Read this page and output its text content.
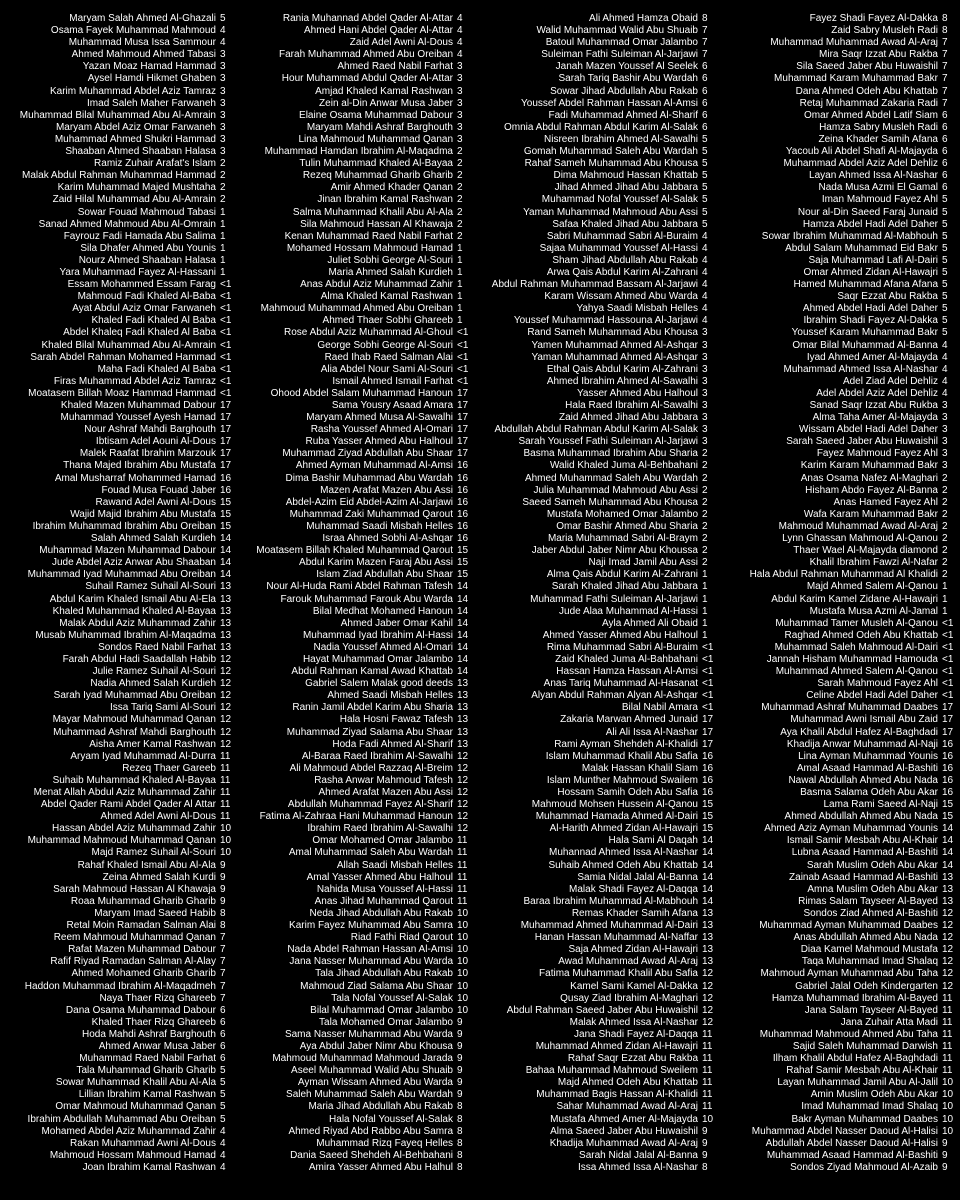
Maryam Salah Ahmed Al-Ghazali 5
Osama Fayek Muhammad Mahmoud 4
Muhammad Musa Issa Sammour 4
Ahmed Mahmoud Ahmed Tabasi 3
Yazan Moaz Hamad Hammad 3
Aysel Hamdi Hikmet Ghaben 3
Karim Muhammad Abdel Aziz Tamraz 3
Imad Saleh Maher Farwaneh 3
Muhammad Bilal Muhammad Abu Al-Amrain 3
Maryam Abdel Aziz Omar Farwaneh 3
Muhammad Ahmed Shukri Hammad 3
Shaaban Ahmed Shaaban Halasa 3
Ramiz Zuhair Arafat's Islam 2
Malak Abdul Rahman Muhammad Hammad 2
Karim Muhammad Majed Mushtaha 2
Zaid Hilal Muhammad Abu Al-Amrain 2
Sowar Fouad Mahmoud Tabasi 1
Sanad Ahmed Mahmoud Abu Al-Omrain 1
Fayrouz Fadi Hamada Abu Salima 1
Sila Dhafer Ahmed Abu Younis 1
Nourz Ahmed Shaaban Halasa 1
Yara Muhammad Fayez Al-Hassani 1
Essam Mohammed Essam Farag <1
Mahmoud Fadi Khaled Al-Baba <1
Ayat Abdul Aziz Omar Farwaneh <1
Khaled Fadi Khaled Al Baba <1
Abdel Khaleq Fadi Khaled Al Baba <1
Khaled Bilal Muhammad Abu Al-Amrain <1
Sarah Abdel Rahman Mohamed Hammad <1
Maha Fadi Khaled Al Baba <1
Firas Muhammad Abdel Aziz Tamraz <1
Moatasem Billah Moaz Hammad Hammad <1
Khaled Mazen Muhammad Dabour 17
Muhammad Youssef Ayesh Hamad 17
Nour Ashraf Mahdi Barghouth 17
Ibtisam Adel Aouni Al-Dous 17
Malek Raafat Ibrahim Marzouk 17
Thana Majed Ibrahim Abu Mustafa 17
Amal Musharraf Mohammed Hamad 16
Fouad Musa Fouad Jaber 16
Rawand Adel Awni Al-Dous 15
Wajid Majid Ibrahim Abu Mustafa 15
Ibrahim Muhammad Ibrahim Abu Oreiban 15
Salah Ahmed Salah Kurdieh 14
Muhammad Mazen Muhammad Dabour 14
Jude Abdel Aziz Anwar Abu Shaaban 14
Muhammad Iyad Muhammad Abu Oreiban 14
Suhail Ramez Suhail Al-Souri 13
Abdul Karim Khaled Ismail Abu Al-Ela 13
Khaled Muhammad Khaled Al-Bayaa 13
Malak Abdul Aziz Muhammad Zahir 13
Musab Muhammad Ibrahim Al-Maqadma 13
Sondos Raed Nabil Farhat 13
Farah Abdul Hadi Saadallah Habib 12
Julie Ramez Suhail Al-Souri 12
Nadia Ahmed Salah Kurdieh 12
Sarah Iyad Muhammad Abu Oreiban 12
Issa Tariq Sami Al-Souri 12
Mayar Mahmoud Muhammad Qanan 12
Muhammad Ashraf Mahdi Barghouth 12
Aisha Amer Kamal Rashwan 12
Aryam Iyad Muhammad Al-Durra 11
Rezeq Thaer Gareeb 11
Suhaib Muhammad Khaled Al-Bayaa 11
Menat Allah Abdul Aziz Muhammad Zahir 11
Abdel Qader Rami Abdel Qader Al Attar 11
Ahmed Adel Awni Al-Dous 11
Hassan Abdel Aziz Muhammad Zahir 10
Muhammad Mahmoud Muhammad Qanan 10
Majd Ramez Suhail Al-Souri 10
Rahaf Khaled Ismail Abu Al-Ala 9
Zeina Ahmed Salah Kurdi 9
Sarah Mahmoud Hassan Al Khawaja 9
Roaa Muhammad Gharib Gharib 9
Maryam Imad Saeed Habib 8
Retal Moin Ramadan Salman Alai 8
Reem Mahmoud Muhammad Qanan 7
Rafat Mazen Muhammad Dabour 7
Rafif Riyad Ramadan Salman Al-Alay 7
Ahmed Mohamed Gharib Gharib 7
Haddon Muhammad Ibrahim Al-Maqadmeh 7
Naya Thaer Rizq Ghareeb 7
Dana Osama Muhammad Dabour 6
Khaled Thaer Rizq Ghareeb 6
Hoda Mahdi Ashraf Barghouth 6
Ahmed Anwar Musa Jaber 6
Muhammad Raed Nabil Farhat 6
Tala Muhammad Gharib Gharib 5
Sowar Muhammad Khalil Abu Al-Ala 5
Lillian Ibrahim Kamal Rashwan 5
Omar Mahmoud Muhammad Qanan 5
Ibrahim Abdullah Muhammad Abu Oreiban 5
Mohamed Abdel Aziz Muhammad Zahir 4
Rakan Muhammad Awni Al-Dous 4
Mahmoud Hossam Mahmoud Hamad 4
Joan Ibrahim Kamal Rashwan 4
Rania Muhannad Abdel Qader Al-Attar 4
Ahmed Hani Abdel Qader Al-Attar 4
Zaid Adel Awni Al-Dous 4
Farah Muhammad Ahmed Abu Oreiban 4
Ahmed Raed Nabil Farhat 3
Hour Muhammad Abdul Qader Al-Attar 3
Amjad Khaled Kamal Rashwan 3
Zein al-Din Anwar Musa Jaber 3
Elaine Osama Muhammad Dabour 3
Maryam Mahdi Ashraf Barghouth 3
Lina Mahmoud Muhammad Qanan 3
Muhammad Hamdan Ibrahim Al-Maqadma 2
Tulin Muhammad Khaled Al-Bayaa 2
Rezeq Muhammad Gharib Gharib 2
Amir Ahmed Khader Qanan 2
Jinan Ibrahim Kamal Rashwan 2
Salma Muhammad Khalil Abu Al-Ala 2
Sila Mahmoud Hassan Al Khawaja 2
Kenan Muhammad Raed Nabil Farhat 2
Mohamed Hossam Mahmoud Hamad 1
Juliet Sobhi George Al-Souri 1
Maria Ahmed Salah Kurdieh 1
Anas Abdul Aziz Muhammad Zahir 1
Alma Khaled Kamal Rashwan 1
Mahmoud Muhammad Ahmed Abu Oreiban 1
Ahmed Thaer Sobhi Ghareeb 1
Rose Abdul Aziz Muhammad Al-Ghoul <1
George Sobhi George Al-Souri <1
Raed Ihab Raed Salman Alai <1
Alia Abdel Nour Sami Al-Souri <1
Ismail Ahmed Ismail Farhat <1
Ohood Abdel Salam Muhammad Hanoun 17
Sama Yousry Asaad Amara 17
Maryam Ahmed Musa Al-Sawalhi 17
Rasha Youssef Ahmed Al-Omari 17
Ruba Yasser Ahmed Abu Halhoul 17
Muhammad Ziyad Abdullah Abu Shaar 17
Ahmed Ayman Muhammad Al-Amsi 16
Dima Bashir Muhammad Abu Wardah 16
Mazen Arafat Mazen Abu Assi 16
Abdel-Azim Eid Abdel-Azim Al-Jarjawi 16
Muhammad Zaki Muhammad Qarout 16
Muhammad Saadi Misbah Helles 16
Israa Ahmed Sobhi Al-Ashqar 16
Moatasem Billah Khaled Muhammad Qarout 15
Abdul Karim Mazen Faraj Abu Assi 15
Islam Ziad Abdullah Abu Shaar 15
Nour Al-Huda Rami Abdel Rahman Tafesh 14
Farouk Muhammad Farouk Abu Warda 14
Bilal Medhat Mohamed Hanoun 14
Ahmed Jaber Omar Kahil 14
Muhammad Iyad Ibrahim Al-Hassi 14
Nadia Youssef Ahmed Al-Omari 14
Hayat Muhammad Omar Jalambo 14
Abdul Rahman Kamal Awad Khattab 14
Gabriel Salem Malak good deeds 13
Ahmed Saadi Misbah Helles 13
Ranin Jamil Abdel Karim Abu Sharia 13
Hala Hosni Fawaz Tafesh 13
Muhammad Ziyad Salama Abu Shaar 13
Hoda Fadi Ahmed Al-Sharif 13
Al-Baraa Raed Ibrahim Al-Sawalhi 12
Ali Mahmoud Abdel Razzaq Al-Breim 12
Rasha Anwar Mahmoud Tafesh 12
Ahmed Arafat Mazen Abu Assi 12
Abdullah Muhammad Fayez Al-Sharif 12
Fatima Al-Zahraa Hani Muhammad Hanoun 12
Ibrahim Raed Ibrahim Al-Sawalhi 12
Omar Mohamed Omar Jalambo 11
Amal Muhammad Saleh Abu Wardah 11
Allah Saadi Misbah Helles 11
Amal Yasser Ahmed Abu Halhoul 11
Nahida Musa Youssef Al-Hassi 11
Anas Jihad Muhammad Qarout 11
Neda Jihad Abdullah Abu Rakab 10
Karim Fayez Muhammad Abu Samra 10
Riad Fathi Riad Qarout 10
Nada Abdel Rahman Hassan Al-Amsi 10
Jana Nasser Muhammad Abu Warda 10
Tala Jihad Abdullah Abu Rakab 10
Mahmoud Ziad Salama Abu Shaar 10
Tala Nofal Youssef Al-Salak 10
Bilal Muhammad Omar Jalambo 10
Tala Mohamed Omar Jalambo 9
Sama Nasser Muhammad Abu Warda 9
Aya Abdul Jaber Nimr Abu Khousa 9
Mahmoud Muhammad Mahmoud Jarada 9
Aseel Muhammad Walid Abu Shuaib 9
Ayman Wissam Ahmed Abu Warda 9
Saleh Muhammad Saleh Abu Wardah 9
Maria Jihad Abdullah Abu Rakab 8
Hala Nofal Youssef Al-Salak 8
Ahmed Riyad Abd Rabbo Abu Samra 8
Muhammad Rizq Fayeq Helles 8
Dania Saeed Shehdeh Al-Behbahani 8
Amira Yasser Ahmed Abu Halhul 8
Ali Ahmed Hamza Obaid 8
Walid Muhammad Walid Abu Shuaib 7
Batoul Muhammad Omar Jalambo 7
Suleiman Fathi Suleiman Al-Jarjawi 7
Janah Mazen Youssef Al Seelek 6
Sarah Tariq Bashir Abu Wardah 6
Sowar Jihad Abdullah Abu Rakab 6
Youssef Abdel Rahman Hassan Al-Amsi 6
Fadi Muhammad Ahmed Al-Sharif 6
Omnia Abdul Rahman Abdul Karim Al-Salak 6
Nisreen Ibrahim Ahmed Al-Sawalhi 5
Gomah Muhammad Saleh Abu Wardah 5
Rahaf Sameh Muhammad Abu Khousa 5
Dima Mahmoud Hassan Khattab 5
Jihad Ahmed Jihad Abu Jabbara 5
Muhammad Nofal Youssef Al-Salak 5
Yaman Muhammad Mahmoud Abu Assi 5
Safaa Khaled Jihad Abu Jabbara 5
Sabri Muhammad Sabri Al-Buraim 4
Sajaa Muhammad Youssef Al-Hassi 4
Sham Jihad Abdullah Abu Rakab 4
Arwa Qais Abdul Karim Al-Zahrani 4
Abdul Rahman Muhammad Bassam Al-Jarjawi 4
Karam Wissam Ahmed Abu Warda 4
Yahya Saadi Misbah Helles 4
Youssef Muhammad Hassouna Al-Jarjawi 4
Rand Sameh Muhammad Abu Khousa 3
Yamen Muhammad Ahmed Al-Ashqar 3
Yaman Muhammad Ahmed Al-Ashqar 3
Ethal Qais Abdul Karim Al-Zahrani 3
Ahmed Ibrahim Ahmed Al-Sawalhi 3
Yasser Ahmed Abu Halhoul 3
Hala Raed Ibrahim Al-Sawalhi 3
Zaid Ahmed Jihad Abu Jabbara 3
Abdullah Abdul Rahman Abdul Karim Al-Salak 3
Sarah Youssef Fathi Suleiman Al-Jarjawi 3
Basma Muhammad Ibrahim Abu Sharia 2
Walid Khaled Juma Al-Behbahani 2
Ahmed Muhammad Saleh Abu Wardah 2
Julia Muhammad Mahmoud Abu Assi 2
Saeed Sameh Muhammad Abu Khousa 2
Mustafa Mohamed Omar Jalambo 2
Omar Bashir Ahmed Abu Sharia 2
Maria Muhammad Sabri Al-Braym 2
Jaber Abdul Jaber Nimr Abu Khoussa 2
Naji Imad Jamil Abu Assi 2
Alma Qais Abdul Karim Al-Zahrani 1
Sarah Khaled Jihad Abu Jabbara 1
Muhammad Fathi Suleiman Al-Jarjawi 1
Jude Alaa Muhammad Al-Hassi 1
Ayla Ahmed Ali Obaid 1
Ahmed Yasser Ahmed Abu Halhoul 1
Rima Muhammad Sabri Al-Buraim <1
Zaid Khaled Juma Al-Bahbahani <1
Hassan Hamza Hassan Al-Amsi <1
Anas Tariq Muhammad Al-Hasanat <1
Alyan Abdul Rahman Alyan Al-Ashqar <1
Bilal Nabil Amara <1
Zakaria Marwan Ahmed Junaid 17
Ali Ali Issa Al-Nashar 17
Rami Ayman Shehdeh Al-Khalidi 17
Islam Muhammad Khalil Abu Safia 16
Malak Hassan Khalil Siam 16
Islam Munther Mahmoud Swailem 16
Hossam Samih Odeh Abu Safia 16
Mahmoud Mohsen Hussein Al-Qanou 15
Muhammad Hamada Ahmed Al-Dairi 15
Al-Harith Ahmed Zidan Al-Hawajri 15
Hala Sami Al Daqah 14
Muhannad Ahmed Issa Al-Nashar 14
Suhaib Ahmed Odeh Abu Khattab 14
Samia Nidal Jalal Al-Banna 14
Malak Shadi Fayez Al-Daqqa 14
Baraa Ibrahim Muhammad Al-Mabhouh 14
Remas Khader Samih Afana 13
Muhammad Ahmed Muhammad Al-Dairi 13
Hanan Hassan Muhammad Al-Naffar 13
Saja Ahmed Zidan Al-Hawajri 13
Awad Muhammad Awad Al-Araj 13
Fatima Muhammad Khalil Abu Safia 12
Kamel Sami Kamel Al-Dakka 12
Qusay Ziad Ibrahim Al-Maghari 12
Abdul Rahman Saeed Jaber Abu Huwaishil 12
Malak Ahmed Issa Al-Nashar 12
Jana Shadi Fayez Al-Daqqa 11
Muhammad Ahmed Zidan Al-Hawajri 11
Rahaf Saqr Ezzat Abu Rakba 11
Bahaa Muhammad Mahmoud Sweilem 11
Majd Ahmed Odeh Abu Khattab 11
Muhammad Bagis Hassan Al-Khalidi 11
Sahar Muhammad Awad Al-Araj 11
Mustafa Ahmed Amer Al-Majayda 10
Alma Saeed Jaber Abu Huwaishil 9
Khadija Muhammad Awad Al-Araj 9
Sarah Nidal Jalal Al-Banna 9
Issa Ahmed Issa Al-Nashar 8
Fayez Shadi Fayez Al-Dakka 8
Zaid Sabry Musleh Radi 8
Muhammad Muhammad Awad Al-Araj 7
Mira Saqr Izzat Abu Rakba 7
Sila Saeed Jaber Abu Huwaishil 7
Muhammad Karam Muhammad Bakr 7
Dana Ahmed Odeh Abu Khattab 7
Retaj Muhammad Zakaria Radi 7
Omar Ahmed Abdel Latif Siam 6
Hamza Sabry Musleh Radi 6
Zeina Khader Samih Afana 6
Yacoub Ali Abdel Shafi Al-Majayda 6
Muhammad Abdel Aziz Adel Dehliz 6
Layan Ahmed Issa Al-Nashar 6
Nada Musa Azmi El Gamal 6
Iman Mahmoud Fayez Ahl 5
Nour al-Din Saeed Faraj Junaid 5
Hamza Abdel Hadi Adel Daher 5
Sowar Ibrahim Muhammad Al-Mabhouh 5
Abdul Salam Muhammad Eid Bakr 5
Saja Muhammad Lafi Al-Dairi 5
Omar Ahmed Zidan Al-Hawajri 5
Hamed Muhammad Afana Afana 5
Saqr Ezzat Abu Rakba 5
Ahmed Abdel Hadi Adel Daher 5
Ibrahim Shadi Fayez Al-Dakka 5
Youssef Karam Muhammad Bakr 5
Omar Bilal Muhammad Al-Banna 4
Iyad Ahmed Amer Al-Majayda 4
Muhammad Ahmed Issa Al-Nashar 4
Adel Ziad Adel Dehliz 4
Adel Abdel Aziz Adel Dehliz 4
Sanad Saqr Izzat Abu Rukba 3
Alma Taha Amer Al-Majayda 3
Wissam Abdel Hadi Adel Daher 3
Sarah Saeed Jaber Abu Huwaishil 3
Fayez Mahmoud Fayez Ahl 3
Karim Karam Muhammad Bakr 3
Anas Osama Nafez Al-Maghari 2
Hisham Abdo Fayez Al-Banna 2
Anas Hamed Fayez Ahl 2
Wafa Karam Muhammad Bakr 2
Mahmoud Muhammad Awad Al-Araj 2
Lynn Ghassan Mahmoud Al-Qanou 2
Thaer Wael Al-Majayda diamond 2
Khalil Ibrahim Fawzi Al-Nafar 2
Hala Abdul Rahman Muhammad Al Khalidi 2
Majd Ahmed Salem Al-Qanou 1
Abdul Karim Kamel Zidane Al-Hawajri 1
Mustafa Musa Azmi Al-Jamal 1
Muhammad Tamer Musleh Al-Qanou <1
Raghad Ahmed Odeh Abu Khattab <1
Muhammad Saleh Mahmoud Al-Dairi <1
Jannah Hisham Muhammad Hamouda <1
Muhammad Ahmed Salem Al-Qanou <1
Sarah Mahmoud Fayez Ahl <1
Celine Abdel Hadi Adel Daher <1
Muhammad Ashraf Muhammad Daabes 17
Muhammad Awni Ismail Abu Zaid 17
Aya Khalil Abdul Hafez Al-Baghdadi 17
Khadija Anwar Muhammad Al-Naji 16
Lina Ayman Muhammad Younis 16
Amal Asaad Hammad Al-Bashiti 16
Nawal Abdullah Ahmed Abu Nada 16
Basma Salama Odeh Abu Akar 16
Lama Rami Saeed Al-Naji 15
Ahmed Abdullah Ahmed Abu Nada 15
Ahmed Aziz Ayman Muhammad Younis 14
Ismail Samir Mesbah Abu Al-Khair 14
Lubna Asaad Hammad Al-Bashiti 14
Sarah Muslim Odeh Abu Akar 14
Zainab Asaad Hammad Al-Bashiti 13
Amna Muslim Odeh Abu Akar 13
Rimas Salam Tayseer Al-Bayed 13
Sondos Ziad Ahmed Al-Bashiti 12
Muhammad Ayman Muhammad Daabes 12
Anas Abdullah Ahmed Abu Nada 12
Diaa Kamel Mahmoud Mustafa 12
Taqa Muhammad Imad Shalaq 12
Mahmoud Ayman Muhammad Abu Taha 12
Gabriel Jalal Odeh Kindergarten 12
Hamza Muhammad Ibrahim Al-Bayed 11
Jana Salam Tayseer Al-Bayed 11
Jana Zuhair Atta Madi 11
Muhammad Mahmoud Ahmed Abu Taha 11
Sajid Saleh Muhammad Darwish 11
Ilham Khalil Abdul Hafez Al-Baghdadi 11
Rahaf Samir Mesbah Abu Al-Khair 11
Layan Muhammad Jamil Abu Al-Jalil 10
Amin Muslim Odeh Abu Akar 10
Imad Muhammad Imad Shalaq 10
Bakr Ayman Muhammad Daabes 10
Muhammad Abdel Nasser Daoud Al-Halisi 10
Abdullah Abdel Nasser Daoud Al-Halisi 9
Muhammad Asaad Hammad Al-Bashiti 9
Sondos Ziyad Mahmoud Al-Azaib 9
